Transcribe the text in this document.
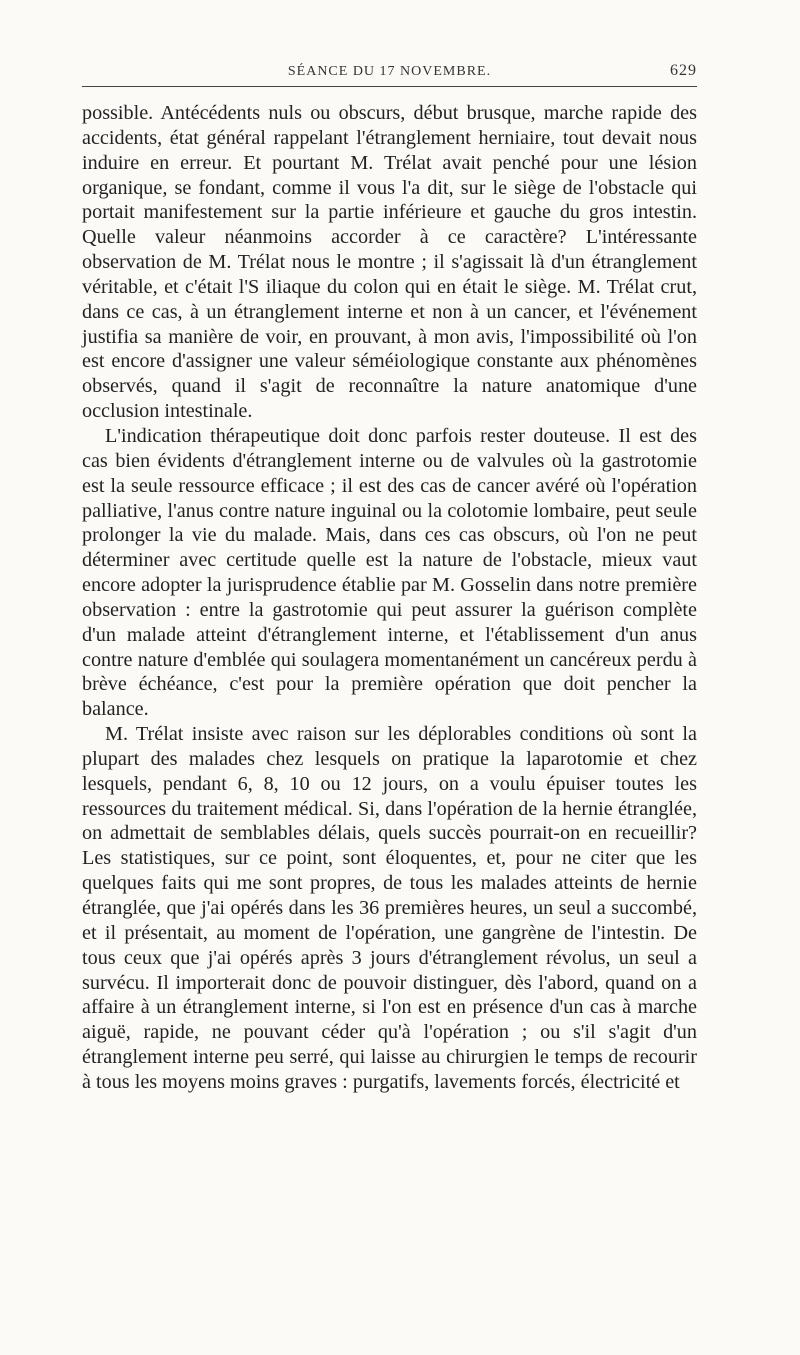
SÉANCE DU 17 NOVEMBRE.	629

possible. Antécédents nuls ou obscurs, début brusque, marche rapide des accidents, état général rappelant l'étranglement herniaire, tout devait nous induire en erreur. Et pourtant M. Trélat avait penché pour une lésion organique, se fondant, comme il vous l'a dit, sur le siège de l'obstacle qui portait manifestement sur la partie inférieure et gauche du gros intestin. Quelle valeur néanmoins accorder à ce caractère? L'intéressante observation de M. Trélat nous le montre ; il s'agissait là d'un étranglement véritable, et c'était l'S iliaque du colon qui en était le siège. M. Trélat crut, dans ce cas, à un étranglement interne et non à un cancer, et l'événement justifia sa manière de voir, en prouvant, à mon avis, l'impossibilité où l'on est encore d'assigner une valeur séméiologique constante aux phénomènes observés, quand il s'agit de reconnaître la nature anatomique d'une occlusion intestinale.

L'indication thérapeutique doit donc parfois rester douteuse. Il est des cas bien évidents d'étranglement interne ou de valvules où la gastrotomie est la seule ressource efficace ; il est des cas de cancer avéré où l'opération palliative, l'anus contre nature inguinal ou la colotomie lombaire, peut seule prolonger la vie du malade. Mais, dans ces cas obscurs, où l'on ne peut déterminer avec certitude quelle est la nature de l'obstacle, mieux vaut encore adopter la jurisprudence établie par M. Gosselin dans notre première observation : entre la gastrotomie qui peut assurer la guérison complète d'un malade atteint d'étranglement interne, et l'établissement d'un anus contre nature d'emblée qui soulagera momentanément un cancéreux perdu à brève échéance, c'est pour la première opération que doit pencher la balance.

M. Trélat insiste avec raison sur les déplorables conditions où sont la plupart des malades chez lesquels on pratique la laparotomie et chez lesquels, pendant 6, 8, 10 ou 12 jours, on a voulu épuiser toutes les ressources du traitement médical. Si, dans l'opération de la hernie étranglée, on admettait de semblables délais, quels succès pourrait-on en recueillir? Les statistiques, sur ce point, sont éloquentes, et, pour ne citer que les quelques faits qui me sont propres, de tous les malades atteints de hernie étranglée, que j'ai opérés dans les 36 premières heures, un seul a succombé, et il présentait, au moment de l'opération, une gangrène de l'intestin. De tous ceux que j'ai opérés après 3 jours d'étranglement révolus, un seul a survécu. Il importerait donc de pouvoir distinguer, dès l'abord, quand on a affaire à un étranglement interne, si l'on est en présence d'un cas à marche aiguë, rapide, ne pouvant céder qu'à l'opération ; ou s'il s'agit d'un étranglement interne peu serré, qui laisse au chirurgien le temps de recourir à tous les moyens moins graves : purgatifs, lavements forcés, électricité et
